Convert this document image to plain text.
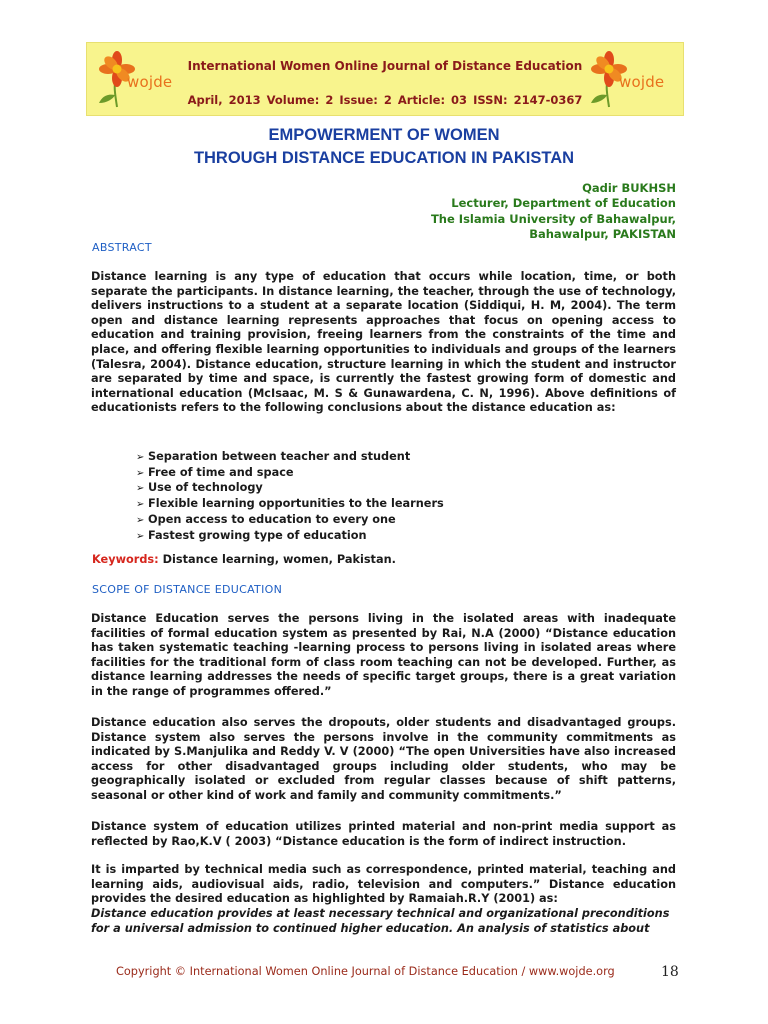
wojde
International Women Online Journal of Distance Education
April, 2013 Volume: 2 Issue: 2 Article: 03 ISSN: 2147-0367
wojde
EMPOWERMENT OF WOMEN
THROUGH DISTANCE EDUCATION IN PAKISTAN
Qadir BUKHSH
Lecturer, Department of Education
The Islamia University of Bahawalpur,
Bahawalpur, PAKISTAN
ABSTRACT
Distance learning is any type of education that occurs while location, time, or both separate the participants. In distance learning, the teacher, through the use of technology, delivers instructions to a student at a separate location (Siddiqui, H. M, 2004). The term open and distance learning represents approaches that focus on opening access to education and training provision, freeing learners from the constraints of the time and place, and offering flexible learning opportunities to individuals and groups of the learners (Talesra, 2004). Distance education, structure learning in which the student and instructor are separated by time and space, is currently the fastest growing form of domestic and international education (McIsaac, M. S & Gunawardena, C. N, 1996). Above definitions of educationists refers to the following conclusions about the distance education as:
➢ Separation between teacher and student
➢ Free of time and space
➢ Use of technology
➢ Flexible learning opportunities to the learners
➢ Open access to education to every one
➢ Fastest growing type of education
Keywords: Distance learning, women, Pakistan.
SCOPE OF DISTANCE EDUCATION
Distance Education serves the persons living in the isolated areas with inadequate facilities of formal education system as presented by Rai, N.A (2000) “Distance education has taken systematic teaching -learning process to persons living in isolated areas where facilities for the traditional form of class room teaching can not be developed. Further, as distance learning addresses the needs of specific target groups, there is a great variation in the range of programmes offered.”
Distance education also serves the dropouts, older students and disadvantaged groups. Distance system also serves the persons involve in the community commitments as indicated by S.Manjulika and Reddy V. V (2000) “The open Universities have also increased access for other disadvantaged groups including older students, who may be geographically isolated or excluded from regular classes because of shift patterns, seasonal or other kind of work and family and community commitments.”
Distance system of education utilizes printed material and non-print media support as reflected by Rao,K.V ( 2003) “Distance education is the form of indirect instruction.
It is imparted by technical media such as correspondence, printed material, teaching and learning aids, audiovisual aids, radio, television and computers.” Distance education provides the desired education as highlighted by Ramaiah.R.Y (2001) as:
Distance education provides at least necessary technical and organizational preconditions for a universal admission to continued higher education. An analysis of statistics about
Copyright © International Women Online Journal of Distance Education / www.wojde.org	18
